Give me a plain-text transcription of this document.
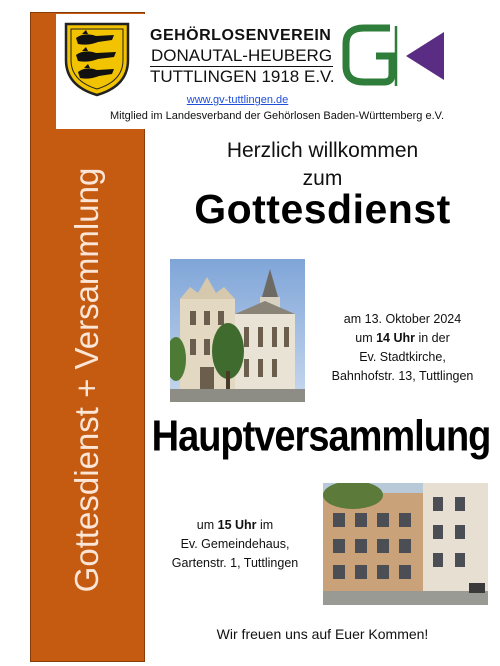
Gottesdienst + Versammlung
GEHÖRLOSENVEREIN
DONAUTAL-HEUBERG
TUTTLINGEN 1918 E.V.
www.gv-tuttlingen.de
Mitglied im Landesverband der Gehörlosen Baden-Württemberg e.V.
Herzlich willkommen
zum
Gottesdienst
am 13. Oktober 2024
um 14 Uhr in der
Ev. Stadtkirche,
Bahnhofstr. 13, Tuttlingen
Hauptversammlung
um 15 Uhr im
Ev. Gemeindehaus,
Gartenstr. 1, Tuttlingen
Wir freuen uns auf Euer Kommen!
